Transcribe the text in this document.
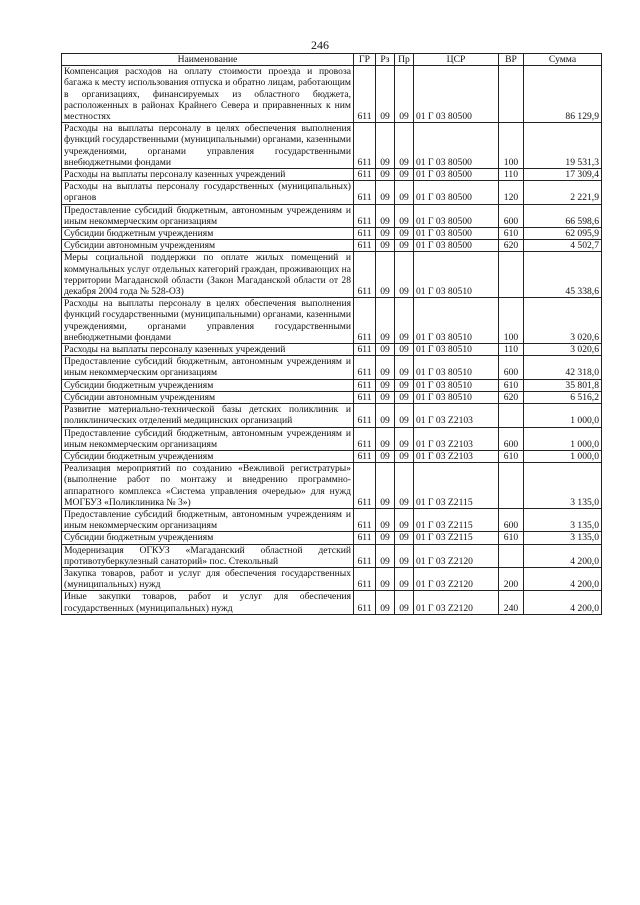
246
Наименование	ГР	Рз	Пр	ЦСР	ВР	Сумма
Компенсация расходов на оплату стоимости проезда и провоза багажа к месту использования отпуска и обратно лицам, работающим в организациях, финансируемых из областного бюджета, расположенных в районах Крайнего Севера и приравненных к ним местностях	611	09	09	01 Г 03 80500		86 129,9
Расходы на выплаты персоналу в целях обеспечения выполнения функций государственными (муниципальными) органами, казенными учреждениями, органами управления государственными внебюджетными фондами	611	09	09	01 Г 03 80500	100	19 531,3
Расходы на выплаты персоналу казенных учреждений	611	09	09	01 Г 03 80500	110	17 309,4
Расходы на выплаты персоналу государственных (муниципальных) органов	611	09	09	01 Г 03 80500	120	2 221,9
Предоставление субсидий бюджетным, автономным учреждениям и иным некоммерческим организациям	611	09	09	01 Г 03 80500	600	66 598,6
Субсидии бюджетным учреждениям	611	09	09	01 Г 03 80500	610	62 095,9
Субсидии автономным учреждениям	611	09	09	01 Г 03 80500	620	4 502,7
Меры социальной поддержки по оплате жилых помещений и коммунальных услуг отдельных категорий граждан, проживающих на территории Магаданской области (Закон Магаданской области от 28 декабря 2004 года № 528-ОЗ)	611	09	09	01 Г 03 80510		45 338,6
Расходы на выплаты персоналу в целях обеспечения выполнения функций государственными (муниципальными) органами, казенными учреждениями, органами управления государственными внебюджетными фондами	611	09	09	01 Г 03 80510	100	3 020,6
Расходы на выплаты персоналу казенных учреждений	611	09	09	01 Г 03 80510	110	3 020,6
Предоставление субсидий бюджетным, автономным учреждениям и иным некоммерческим организациям	611	09	09	01 Г 03 80510	600	42 318,0
Субсидии бюджетным учреждениям	611	09	09	01 Г 03 80510	610	35 801,8
Субсидии автономным учреждениям	611	09	09	01 Г 03 80510	620	6 516,2
Развитие материально-технической базы детских поликлиник и поликлинических отделений медицинских организаций	611	09	09	01 Г 03 Z2103		1 000,0
Предоставление субсидий бюджетным, автономным учреждениям и иным некоммерческим организациям	611	09	09	01 Г 03 Z2103	600	1 000,0
Субсидии бюджетным учреждениям	611	09	09	01 Г 03 Z2103	610	1 000,0
Реализация мероприятий по созданию «Вежливой регистратуры» (выполнение работ по монтажу и внедрению программно-аппаратного комплекса «Система управления очередью» для нужд МОГБУЗ «Поликлиника № 3»)	611	09	09	01 Г 03 Z2115		3 135,0
Предоставление субсидий бюджетным, автономным учреждениям и иным некоммерческим организациям	611	09	09	01 Г 03 Z2115	600	3 135,0
Субсидии бюджетным учреждениям	611	09	09	01 Г 03 Z2115	610	3 135,0
Модернизация ОГКУЗ «Магаданский областной детский противотуберкулезный санаторий» пос. Стекольный	611	09	09	01 Г 03 Z2120		4 200,0
Закупка товаров, работ и услуг для обеспечения государственных (муниципальных) нужд	611	09	09	01 Г 03 Z2120	200	4 200,0
Иные закупки товаров, работ и услуг для обеспечения государственных (муниципальных) нужд	611	09	09	01 Г 03 Z2120	240	4 200,0
